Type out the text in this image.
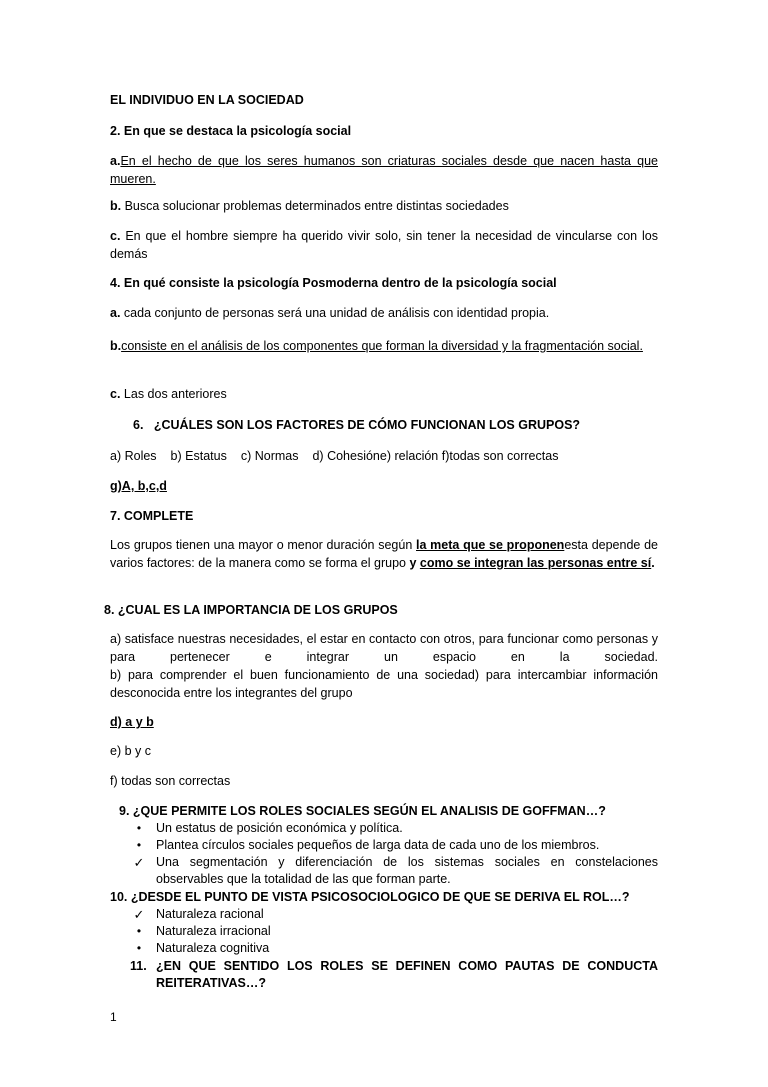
EL INDIVIDUO EN LA SOCIEDAD

2. En que se destaca la psicología social

a.En el hecho de que los seres humanos son criaturas sociales desde que nacen hasta que mueren.

b. Busca solucionar problemas determinados entre distintas sociedades

c. En que el hombre siempre ha querido vivir solo, sin tener la necesidad de vincularse con los demás

4. En qué consiste la psicología Posmoderna dentro de la psicología social

a. cada conjunto de personas será una unidad de análisis con identidad propia.

b.consiste en el análisis de los componentes que forman la diversidad y la fragmentación social.

c. Las dos anteriores

6. ¿CUÁLES SON LOS FACTORES DE CÓMO FUNCIONAN LOS GRUPOS?

a) Roles b) Estatus c) Normas d) Cohesióne) relación f)todas son correctas

g)A, b,c,d

7. COMPLETE

Los grupos tienen una mayor o menor duración según la meta que se proponenesta depende de varios factores: de la manera como se forma el grupo y como se integran las personas entre sí.

8. ¿CUAL ES LA IMPORTANCIA DE LOS GRUPOS

a) satisface nuestras necesidades, el estar en contacto con otros, para funcionar como personas y para pertenecer e integrar un espacio en la sociedad.

b) para comprender el buen funcionamiento de una sociedad) para intercambiar información desconocida entre los integrantes del grupo

d) a y b

e) b y c

f) todas son correctas

9. ¿QUE PERMITE LOS ROLES SOCIALES SEGÚN EL ANALISIS DE GOFFMAN…?

•	Un estatus de posición económica y política.

•	Plantea círculos sociales pequeños de larga data de cada uno de los miembros.

✓ Una segmentación y diferenciación de los sistemas sociales en constelaciones observables que la totalidad de las que forman parte.

10. ¿DESDE EL PUNTO DE VISTA PSICOSOCIOLOGICO DE QUE SE DERIVA EL ROL…?

✓ Naturaleza racional

•	Naturaleza irracional

•	Naturaleza cognitiva

11. ¿EN QUE SENTIDO LOS ROLES SE DEFINEN COMO PAUTAS DE CONDUCTA REITERATIVAS…?

1
